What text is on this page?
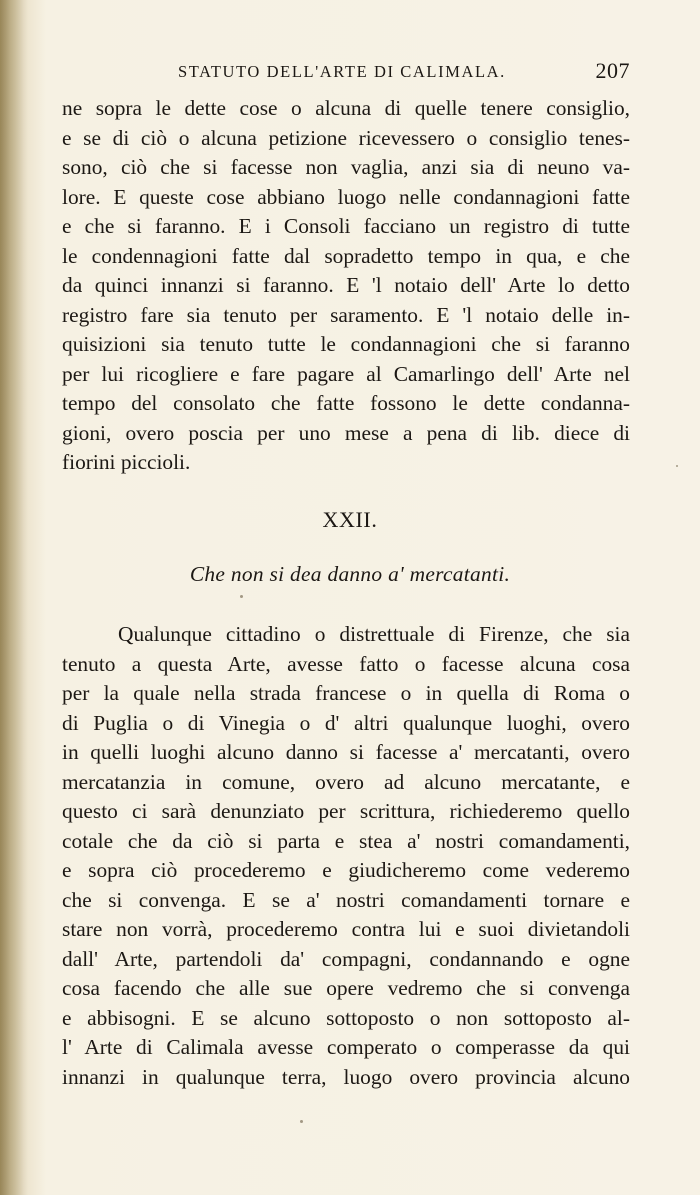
STATUTO DELL'ARTE DI CALIMALA.	207
ne sopra le dette cose o alcuna di quelle tenere consiglio,
e se di ciò o alcuna petizione ricevessero o consiglio tenes-
sono, ciò che si facesse non vaglia, anzi sia di neuno va-
lore. E queste cose abbiano luogo nelle condannagioni fatte
e che si faranno. E i Consoli facciano un registro di tutte
le condennagioni fatte dal sopradetto tempo in qua, e che
da quinci innanzi si faranno. E 'l notaio dell' Arte lo detto
registro fare sia tenuto per saramento. E 'l notaio delle in-
quisizioni sia tenuto tutte le condannagioni che si faranno
per lui ricogliere e fare pagare al Camarlingo dell' Arte nel
tempo del consolato che fatte fossono le dette condanna-
gioni, overo poscia per uno mese a pena di lib. diece di
fiorini piccioli.
XXII.
Che non si dea danno a' mercatanti.
Qualunque cittadino o distrettuale di Firenze, che sia
tenuto a questa Arte, avesse fatto o facesse alcuna cosa
per la quale nella strada francese o in quella di Roma o
di Puglia o di Vinegia o d' altri qualunque luoghi, overo
in quelli luoghi alcuno danno si facesse a' mercatanti, overo
mercatanzia in comune, overo ad alcuno mercatante, e
questo ci sarà denunziato per scrittura, richiederemo quello
cotale che da ciò si parta e stea a' nostri comandamenti,
e sopra ciò procederemo e giudicheremo come vederemo
che si convenga. E se a' nostri comandamenti tornare e
stare non vorrà, procederemo contra lui e suoi divietandoli
dall' Arte, partendoli da' compagni, condannando e ogne
cosa facendo che alle sue opere vedremo che si convenga
e abbisogni. E se alcuno sottoposto o non sottoposto al-
l' Arte di Calimala avesse comperato o comperasse da qui
innanzi in qualunque terra, luogo overo provincia alcuno
